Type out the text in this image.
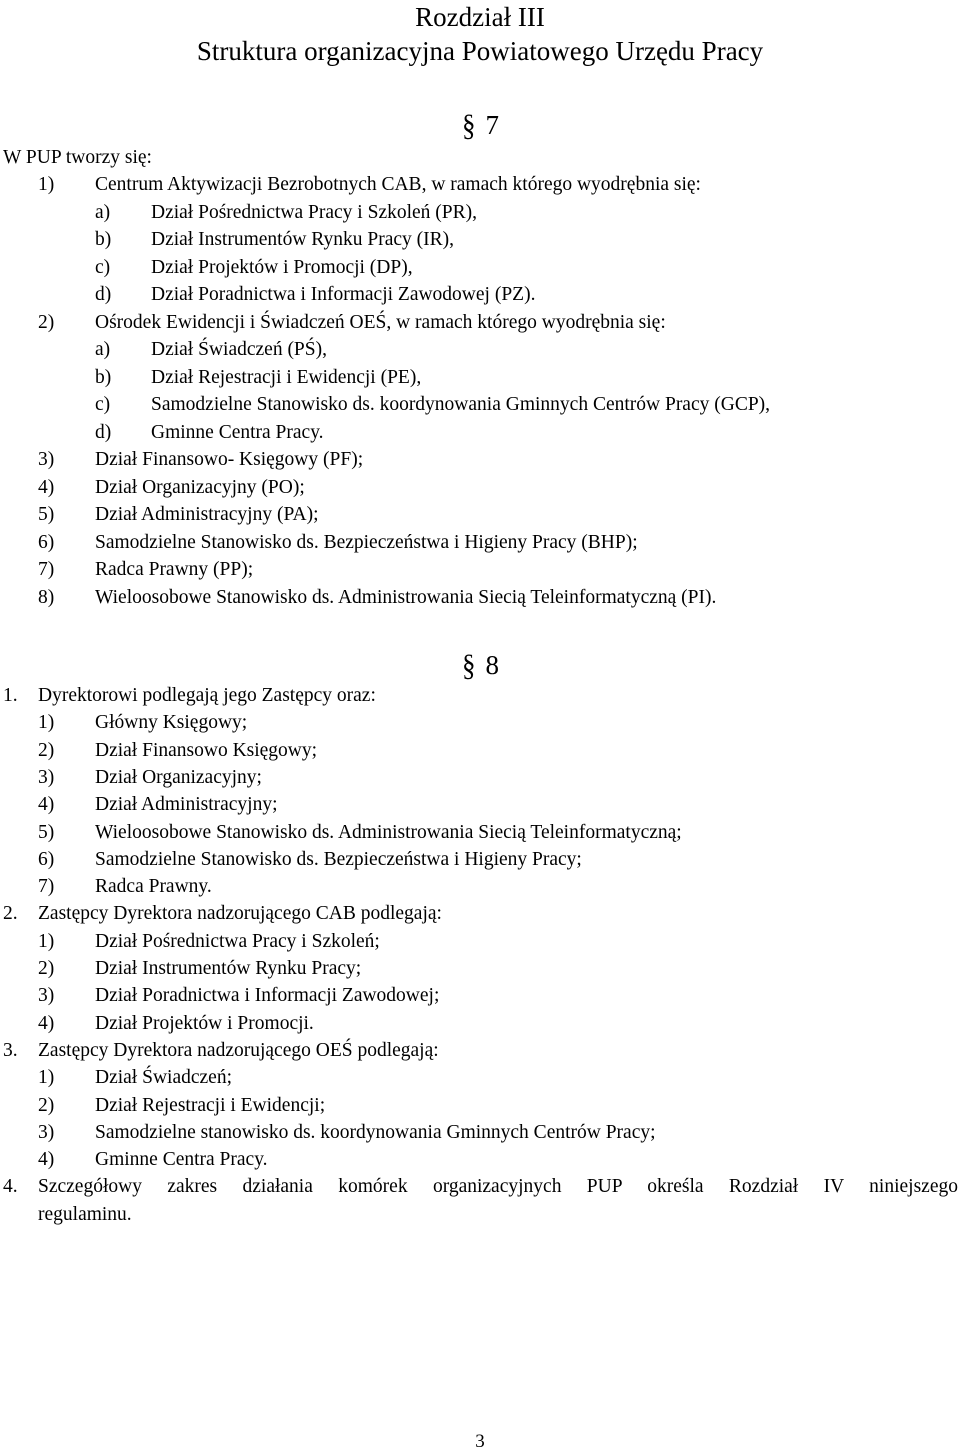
Rozdział III
Struktura organizacyjna Powiatowego Urzędu Pracy
§ 7
W PUP tworzy się:
1) Centrum Aktywizacji Bezrobotnych CAB, w ramach którego wyodrębnia się:
a) Dział Pośrednictwa Pracy i Szkoleń (PR),
b) Dział Instrumentów Rynku Pracy (IR),
c) Dział Projektów i Promocji (DP),
d) Dział Poradnictwa i Informacji Zawodowej (PZ).
2) Ośrodek Ewidencji i Świadczeń OEŚ, w ramach którego wyodrębnia się:
a) Dział Świadczeń (PŚ),
b) Dział Rejestracji i Ewidencji (PE),
c) Samodzielne Stanowisko ds. koordynowania Gminnych Centrów Pracy (GCP),
d) Gminne Centra Pracy.
3) Dział Finansowo- Księgowy (PF);
4) Dział Organizacyjny (PO);
5) Dział Administracyjny (PA);
6) Samodzielne Stanowisko ds. Bezpieczeństwa i Higieny Pracy (BHP);
7) Radca Prawny (PP);
8) Wieloosobowe Stanowisko ds. Administrowania Siecią Teleinformatyczną (PI).
§ 8
1. Dyrektorowi podlegają jego Zastępcy oraz:
1) Główny Księgowy;
2) Dział Finansowo Księgowy;
3) Dział Organizacyjny;
4) Dział Administracyjny;
5) Wieloosobowe Stanowisko ds. Administrowania Siecią Teleinformatyczną;
6) Samodzielne Stanowisko ds. Bezpieczeństwa i Higieny Pracy;
7) Radca Prawny.
2. Zastępcy Dyrektora nadzorującego CAB podlegają:
1) Dział Pośrednictwa Pracy i Szkoleń;
2) Dział Instrumentów Rynku Pracy;
3) Dział Poradnictwa i Informacji Zawodowej;
4) Dział Projektów i Promocji.
3. Zastępcy Dyrektora nadzorującego OEŚ podlegają:
1) Dział Świadczeń;
2) Dział Rejestracji i Ewidencji;
3) Samodzielne stanowisko ds. koordynowania Gminnych Centrów Pracy;
4) Gminne Centra Pracy.
4. Szczegółowy zakres działania komórek organizacyjnych PUP określa Rozdział IV niniejszego
regulaminu.
3
